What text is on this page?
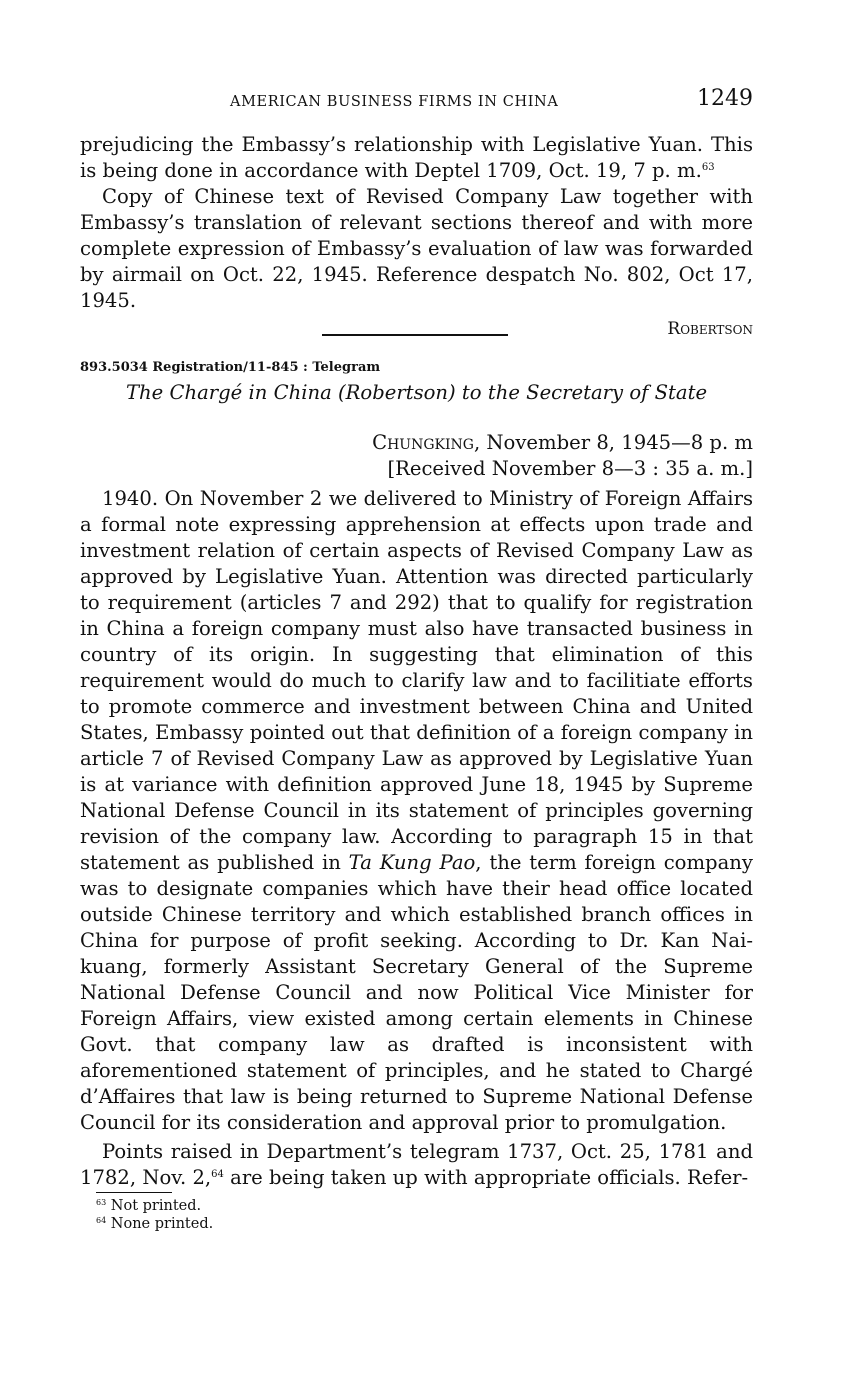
AMERICAN BUSINESS FIRMS IN CHINA	1249

prejudicing the Embassy’s relationship with Legislative Yuan. This is being done in accordance with Deptel 1709, Oct. 19, 7 p. m.$^{63}$

Copy of Chinese text of Revised Company Law together with Embassy’s translation of relevant sections thereof and with more complete expression of Embassy’s evaluation of law was forwarded by airmail on Oct. 22, 1945. Reference despatch No. 802, Oct 17, 1945.

Robertson
893.5034 Registration/11-845 : Telegram
The Chargé in China (Robertson) to the Secretary of State
Chungking, November 8, 1945—8 p. m
[Received November 8—3 : 35 a. m.]

1940. On November 2 we delivered to Ministry of Foreign Affairs a formal note expressing apprehension at effects upon trade and investment relation of certain aspects of Revised Company Law as approved by Legislative Yuan. Attention was directed particularly to requirement (articles 7 and 292) that to qualify for registration in China a foreign company must also have transacted business in country of its origin. In suggesting that elimination of this requirement would do much to clarify law and to facilitiate efforts to promote commerce and investment between China and United States, Embassy pointed out that definition of a foreign company in article 7 of Revised Company Law as approved by Legislative Yuan is at variance with definition approved June 18, 1945 by Supreme National Defense Council in its statement of principles governing revision of the company law. According to paragraph 15 in that statement as published in Ta Kung Pao, the term foreign company was to designate companies which have their head office located outside Chinese territory and which established branch offices in China for purpose of profit seeking. According to Dr. Kan Nai-kuang, formerly Assistant Secretary General of the Supreme National Defense Council and now Political Vice Minister for Foreign Affairs, view existed among certain elements in Chinese Govt. that company law as drafted is inconsistent with aforementioned statement of principles, and he stated to Chargé d’Affaires that law is being returned to Supreme National Defense Council for its consideration and approval prior to promulgation.

Points raised in Department’s telegram 1737, Oct. 25, 1781 and 1782, Nov. 2,64 are being taken up with appropriate officials. Refer-

$^{63}$ Not printed.
$^{64}$ None printed.
